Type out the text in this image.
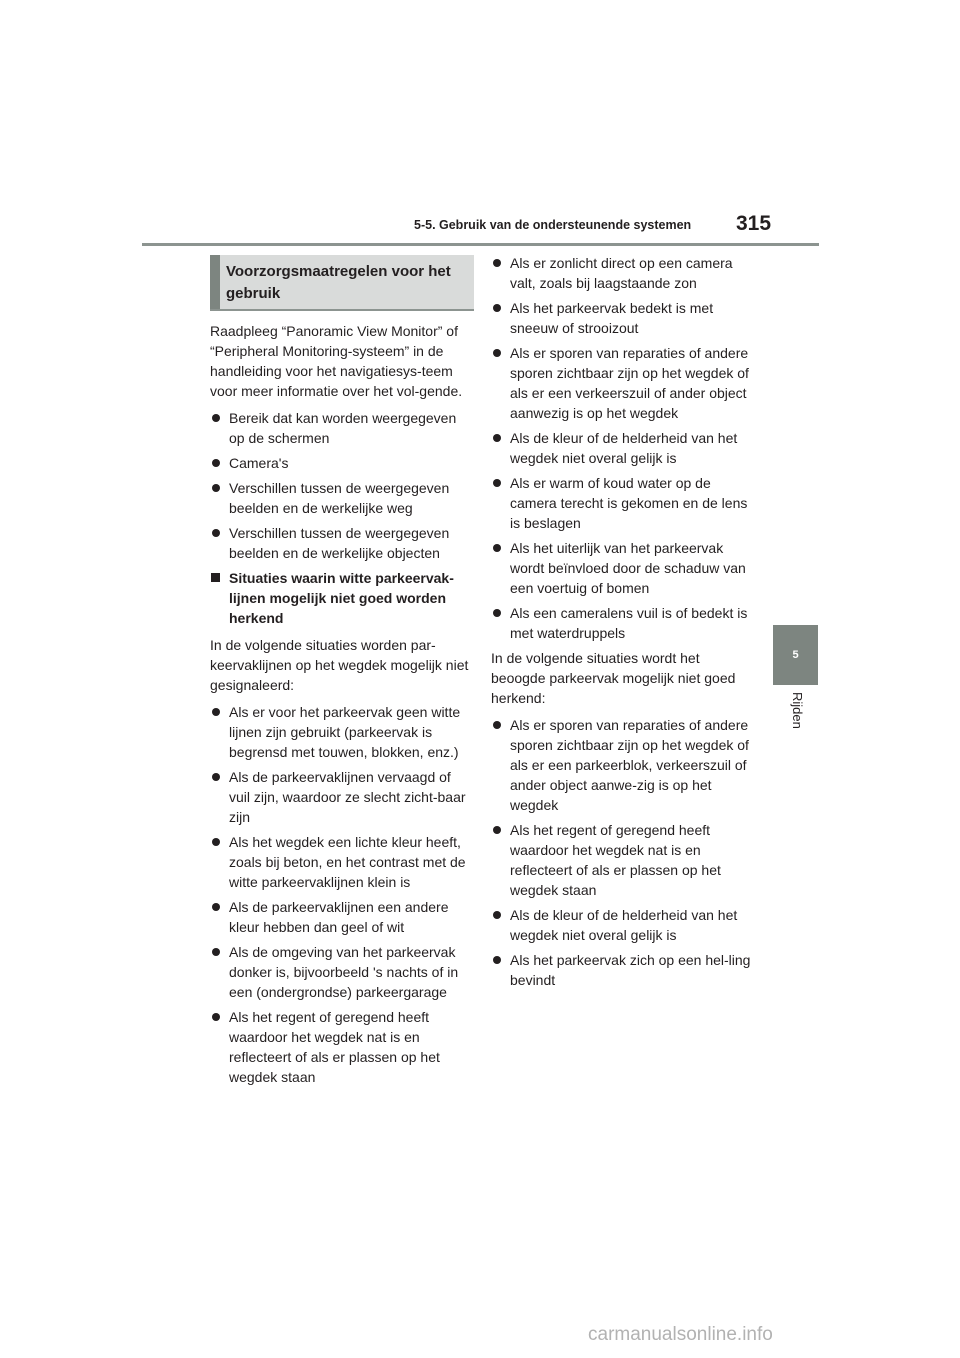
5-5. Gebruik van de ondersteunende systemen 315
5
Rijden
Voorzorgsmaatregelen voor het gebruik

Raadpleeg “Panoramic View Monitor” of “Peripheral Monitoring-systeem” in de handleiding voor het navigatiesys-teem voor meer informatie over het vol-gende.

Bereik dat kan worden weergegeven op de schermen
Camera's
Verschillen tussen de weergegeven beelden en de werkelijke weg
Verschillen tussen de weergegeven beelden en de werkelijke objecten
Situaties waarin witte parkeervak-lijnen mogelijk niet goed worden herkend

In de volgende situaties worden par-keervaklijnen op het wegdek mogelijk niet gesignaleerd:

Als er voor het parkeervak geen witte lijnen zijn gebruikt (parkeervak is begrensd met touwen, blokken, enz.)
Als de parkeervaklijnen vervaagd of vuil zijn, waardoor ze slecht zicht-baar zijn
Als het wegdek een lichte kleur heeft, zoals bij beton, en het contrast met de witte parkeervaklijnen klein is
Als de parkeervaklijnen een andere kleur hebben dan geel of wit
Als de omgeving van het parkeervak donker is, bijvoorbeeld 's nachts of in een (ondergrondse) parkeergarage
Als het regent of geregend heeft waardoor het wegdek nat is en reflecteert of als er plassen op het wegdek staan
Als er zonlicht direct op een camera valt, zoals bij laagstaande zon
Als het parkeervak bedekt is met sneeuw of strooizout
Als er sporen van reparaties of andere sporen zichtbaar zijn op het wegdek of als er een verkeerszuil of ander object aanwezig is op het wegdek
Als de kleur of de helderheid van het wegdek niet overal gelijk is
Als er warm of koud water op de camera terecht is gekomen en de lens is beslagen
Als het uiterlijk van het parkeervak wordt beïnvloed door de schaduw van een voertuig of bomen
Als een cameralens vuil is of bedekt is met waterdruppels

In de volgende situaties wordt het beoogde parkeervak mogelijk niet goed herkend:

Als er sporen van reparaties of andere sporen zichtbaar zijn op het wegdek of als er een parkeerblok, verkeerszuil of ander object aanwe-zig is op het wegdek
Als het regent of geregend heeft waardoor het wegdek nat is en reflecteert of als er plassen op het wegdek staan
Als de kleur of de helderheid van het wegdek niet overal gelijk is
Als het parkeervak zich op een hel-ling bevindt
carmanualsonline.info
